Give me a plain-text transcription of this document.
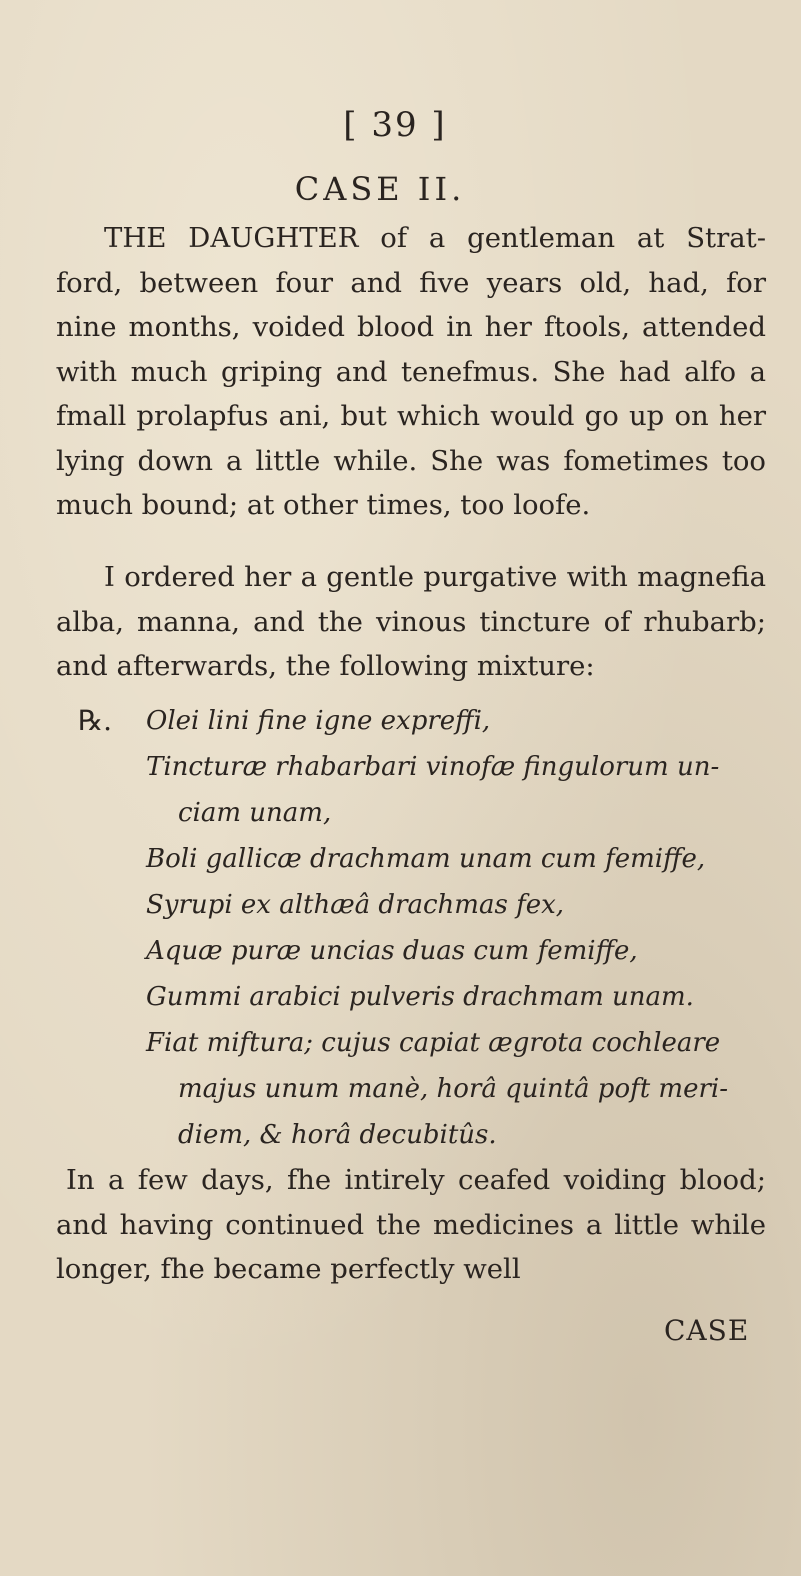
[ 39 ]
CASE II.
THE DAUGHTER of a gentleman at Strat-
ford, between four and five years old, had, for
nine months, voided blood in her ftools, attended
with much griping and tenefmus. She had alfo a
fmall prolapfus ani, but which would go up on her
lying down a little while. She was fometimes too
much bound; at other times, too loofe.
I ordered her a gentle purgative with magnefia
alba, manna, and the vinous tincture of rhubarb;
and afterwards, the following mixture:
℞.	Olei lini fine igne expreffi,
Tincturæ rhabarbari vinofæ fingulorum un-
ciam unam,
Boli gallicæ drachmam unam cum femiffe,
Syrupi ex althæâ drachmas fex,
Aquæ puræ uncias duas cum femiffe,
Gummi arabici pulveris drachmam unam.
Fiat miftura; cujus capiat ægrota cochleare
majus unum manè, horâ quintâ poft meri-
diem, & horâ decubitûs.
In a few days, fhe intirely ceafed voiding blood;
and having continued the medicines a little while
longer, fhe became perfectly well
CASE
